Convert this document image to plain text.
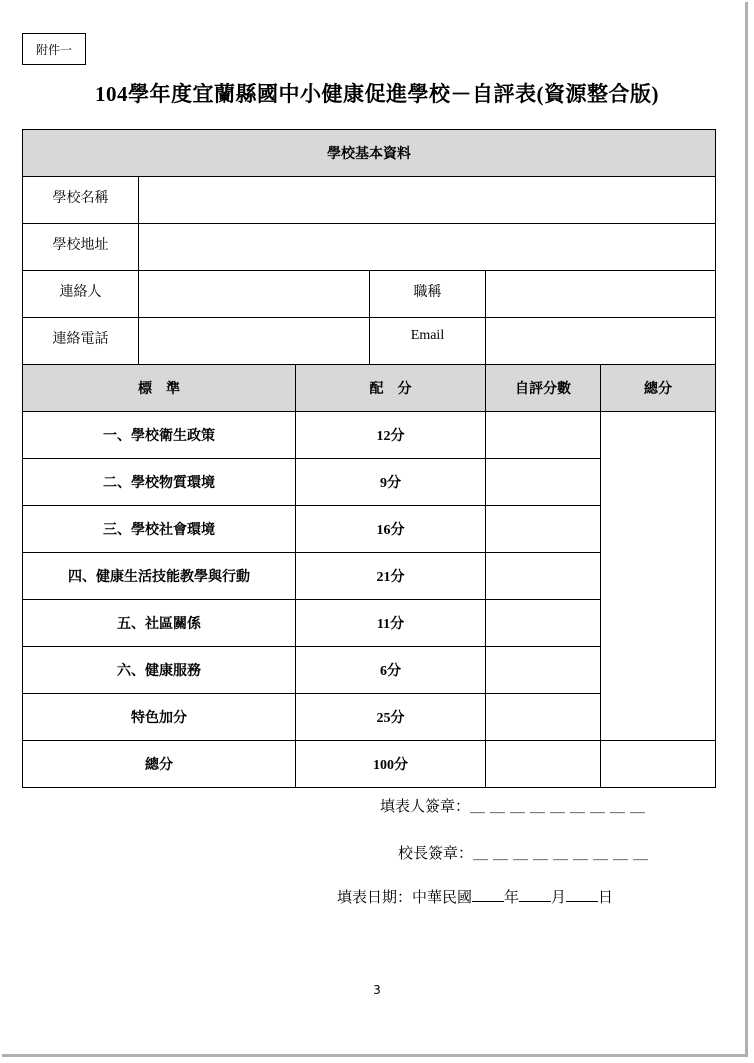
附件一
104學年度宜蘭縣國中小健康促進學校－自評表(資源整合版)
學校基本資料					
學校名稱					
學校地址					
連絡人			職稱		
連絡電話			Email		
標　準		配　分		自評分數	總分
一、學校衛生政策		12分			
二、學校物質環境		9分			
三、學校社會環境		16分			
四、健康生活技能教學與行動		21分			
五、社區關係		11分			
六、健康服務		6分			
特色加分		25分			
總分		100分			
填表人簽章：＿＿＿＿＿＿＿＿＿
校長簽章：＿＿＿＿＿＿＿＿＿
填表日期：中華民國 年 月 日
3
